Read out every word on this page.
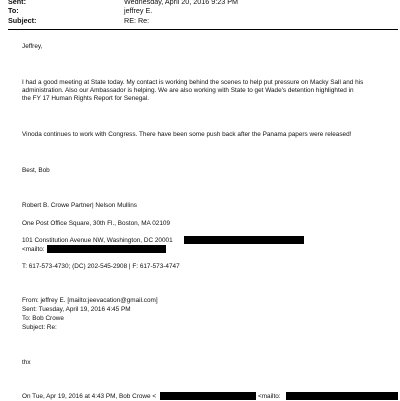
Sent:	Wednesday, April 20, 2016 9:23 PM
To:	jeffrey E.
Subject:	RE: Re:
Jeffrey,
I had a good meeting at State today. My contact is working behind the scenes to help put pressure on Macky Sall and his
administration. Also our Ambassador is helping. We are also working with State to get Wade's detention highlighted in
the FY 17 Human Rights Report for Senegal.
Vinoda continues to work with Congress. There have been some push back after the Panama papers were released!
Best, Bob
Robert B. Crowe Partner| Nelson Mullins
One Post Office Square, 30th Fl., Boston, MA 02109
101 Constitution Avenue NW, Washington, DC 20001
<mailto:
T: 617-573-4730; (DC) 202-545-2908 | F: 617-573-4747
From: jeffrey E. [mailto:jeevacation@gmail.com]
Sent: Tuesday, April 19, 2016 4:45 PM
To: Bob Crowe
Subject: Re:
thx
On Tue, Apr 19, 2016 at 4:43 PM, Bob Crowe <	<mailto:
